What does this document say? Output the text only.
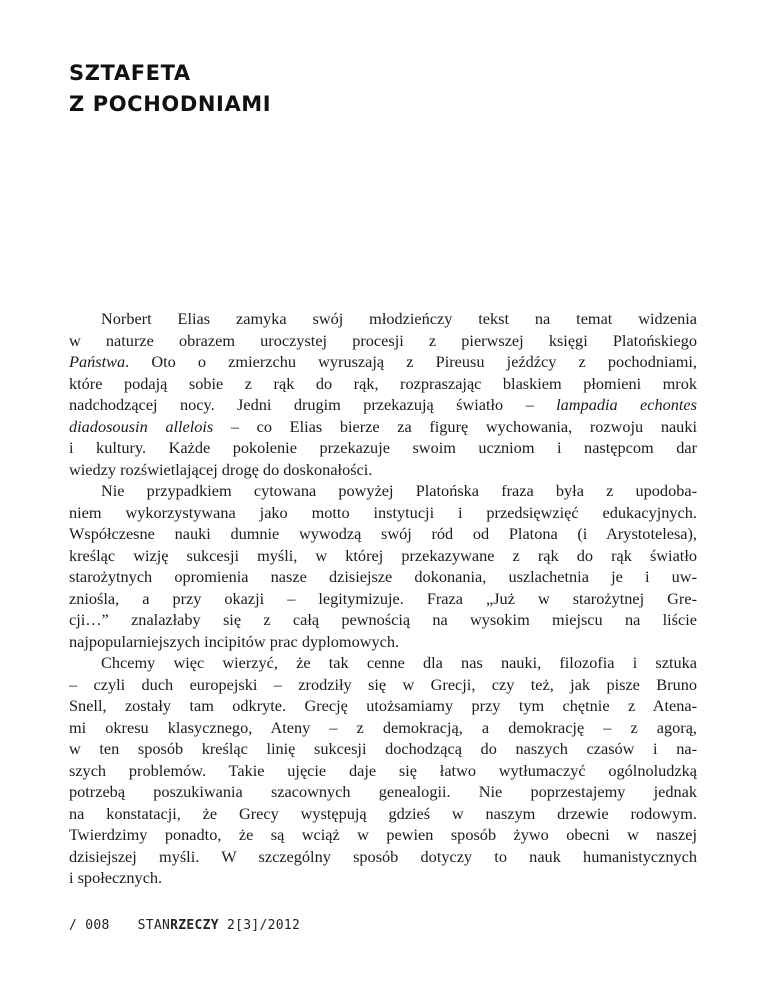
SZTAFETA
Z POCHODNIAMI
Norbert Elias zamyka swój młodzieńczy tekst na temat widzenia
w naturze obrazem uroczystej procesji z pierwszej księgi Platońskiego
Państwa. Oto o zmierzchu wyruszają z Pireusu jeźdźcy z pochodniami,
które podają sobie z rąk do rąk, rozpraszając blaskiem płomieni mrok
nadchodzącej nocy. Jedni drugim przekazują światło – lampadia echontes
diadosousin allelois – co Elias bierze za figurę wychowania, rozwoju nauki
i kultury. Każde pokolenie przekazuje swoim uczniom i następcom dar
wiedzy rozświetlającej drogę do doskonałości.
Nie przypadkiem cytowana powyżej Platońska fraza była z upodoba-
niem wykorzystywana jako motto instytucji i przedsięwzięć edukacyjnych.
Współczesne nauki dumnie wywodzą swój ród od Platona (i Arystotelesa),
kreśląc wizję sukcesji myśli, w której przekazywane z rąk do rąk światło
starożytnych opromienia nasze dzisiejsze dokonania, uszlachetnia je i uw-
zniośla, a przy okazji – legitymizuje. Fraza „Już w starożytnej Gre-
cji…” znalazłaby się z całą pewnością na wysokim miejscu na liście
najpopularniejszych incipitów prac dyplomowych.
Chcemy więc wierzyć, że tak cenne dla nas nauki, filozofia i sztuka
– czyli duch europejski – zrodziły się w Grecji, czy też, jak pisze Bruno
Snell, zostały tam odkryte. Grecję utożsamiamy przy tym chętnie z Atena-
mi okresu klasycznego, Ateny – z demokracją, a demokrację – z agorą,
w ten sposób kreśląc linię sukcesji dochodzącą do naszych czasów i na-
szych problemów. Takie ujęcie daje się łatwo wytłumaczyć ogólnoludzką
potrzebą poszukiwania szacownych genealogii. Nie poprzestajemy jednak
na konstatacji, że Grecy występują gdzieś w naszym drzewie rodowym.
Twierdzimy ponadto, że są wciąż w pewien sposób żywo obecni w naszej
dzisiejszej myśli. W szczególny sposób dotyczy to nauk humanistycznych
i społecznych.
/ 008 STANRZECZY 2[3]/2012
